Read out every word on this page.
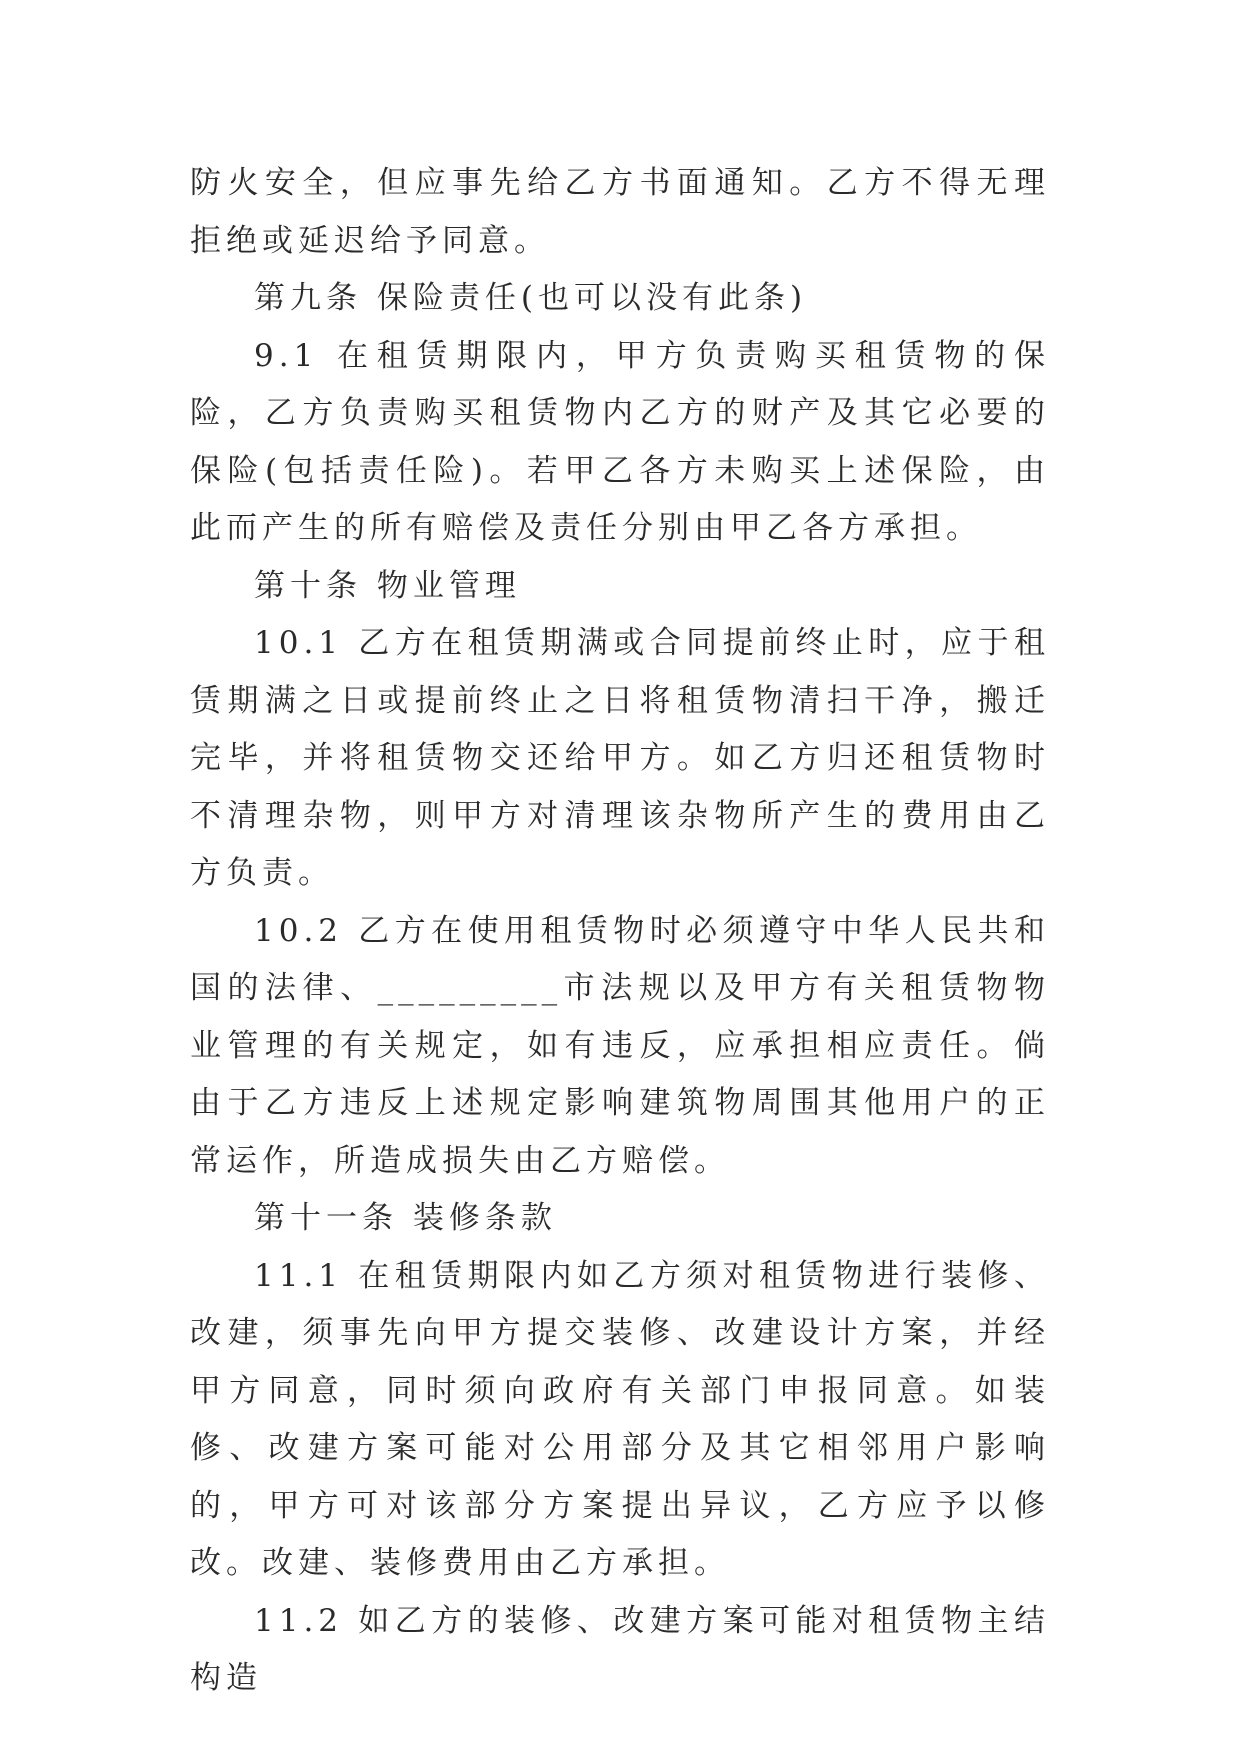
防火安全，但应事先给乙方书面通知。乙方不得无理拒绝或延迟给予同意。

第九条 保险责任(也可以没有此条)

9.1 在租赁期限内，甲方负责购买租赁物的保险，乙方负责购买租赁物内乙方的财产及其它必要的保险(包括责任险)。若甲乙各方未购买上述保险，由此而产生的所有赔偿及责任分别由甲乙各方承担。

第十条 物业管理

10.1 乙方在租赁期满或合同提前终止时，应于租赁期满之日或提前终止之日将租赁物清扫干净，搬迁完毕，并将租赁物交还给甲方。如乙方归还租赁物时不清理杂物，则甲方对清理该杂物所产生的费用由乙方负责。

10.2 乙方在使用租赁物时必须遵守中华人民共和国的法律、_________市法规以及甲方有关租赁物物业管理的有关规定，如有违反，应承担相应责任。倘由于乙方违反上述规定影响建筑物周围其他用户的正常运作，所造成损失由乙方赔偿。

第十一条 装修条款

11.1 在租赁期限内如乙方须对租赁物进行装修、改建，须事先向甲方提交装修、改建设计方案，并经甲方同意，同时须向政府有关部门申报同意。如装修、改建方案可能对公用部分及其它相邻用户影响的，甲方可对该部分方案提出异议，乙方应予以修改。改建、装修费用由乙方承担。

11.2 如乙方的装修、改建方案可能对租赁物主结构造
